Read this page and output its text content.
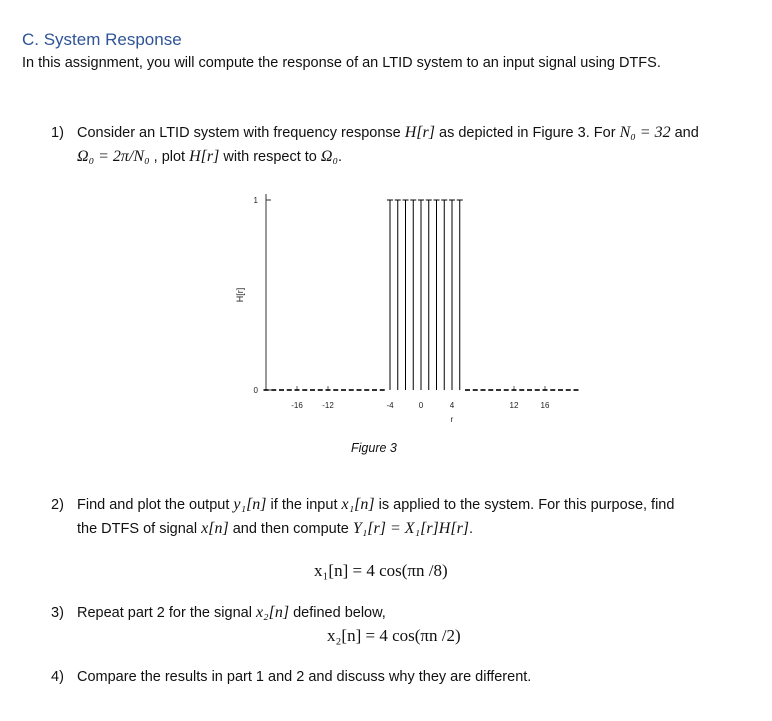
C. System Response
In this assignment, you will compute the response of an LTID system to an input signal using DTFS.
1) Consider an LTID system with frequency response H[r] as depicted in Figure 3. For N₀ = 32 and
Ω₀ = 2π/N₀ , plot H[r] with respect to Ω₀.
0
1
H[r]
-16 -12	-4	0	4	12	16
r
Figure 3
2) Find and plot the output y₁[n] if the input x₁[n] is applied to the system. For this purpose, find
the DTFS of signal x[n] and then compute Y₁[r] = X₁[r]H[r].
x₁[n] = 4 cos(πn /8)
3) Repeat part 2 for the signal x₂[n] defined below,
x₂[n] = 4 cos(πn /2)
4) Compare the results in part 1 and 2 and discuss why they are different.
